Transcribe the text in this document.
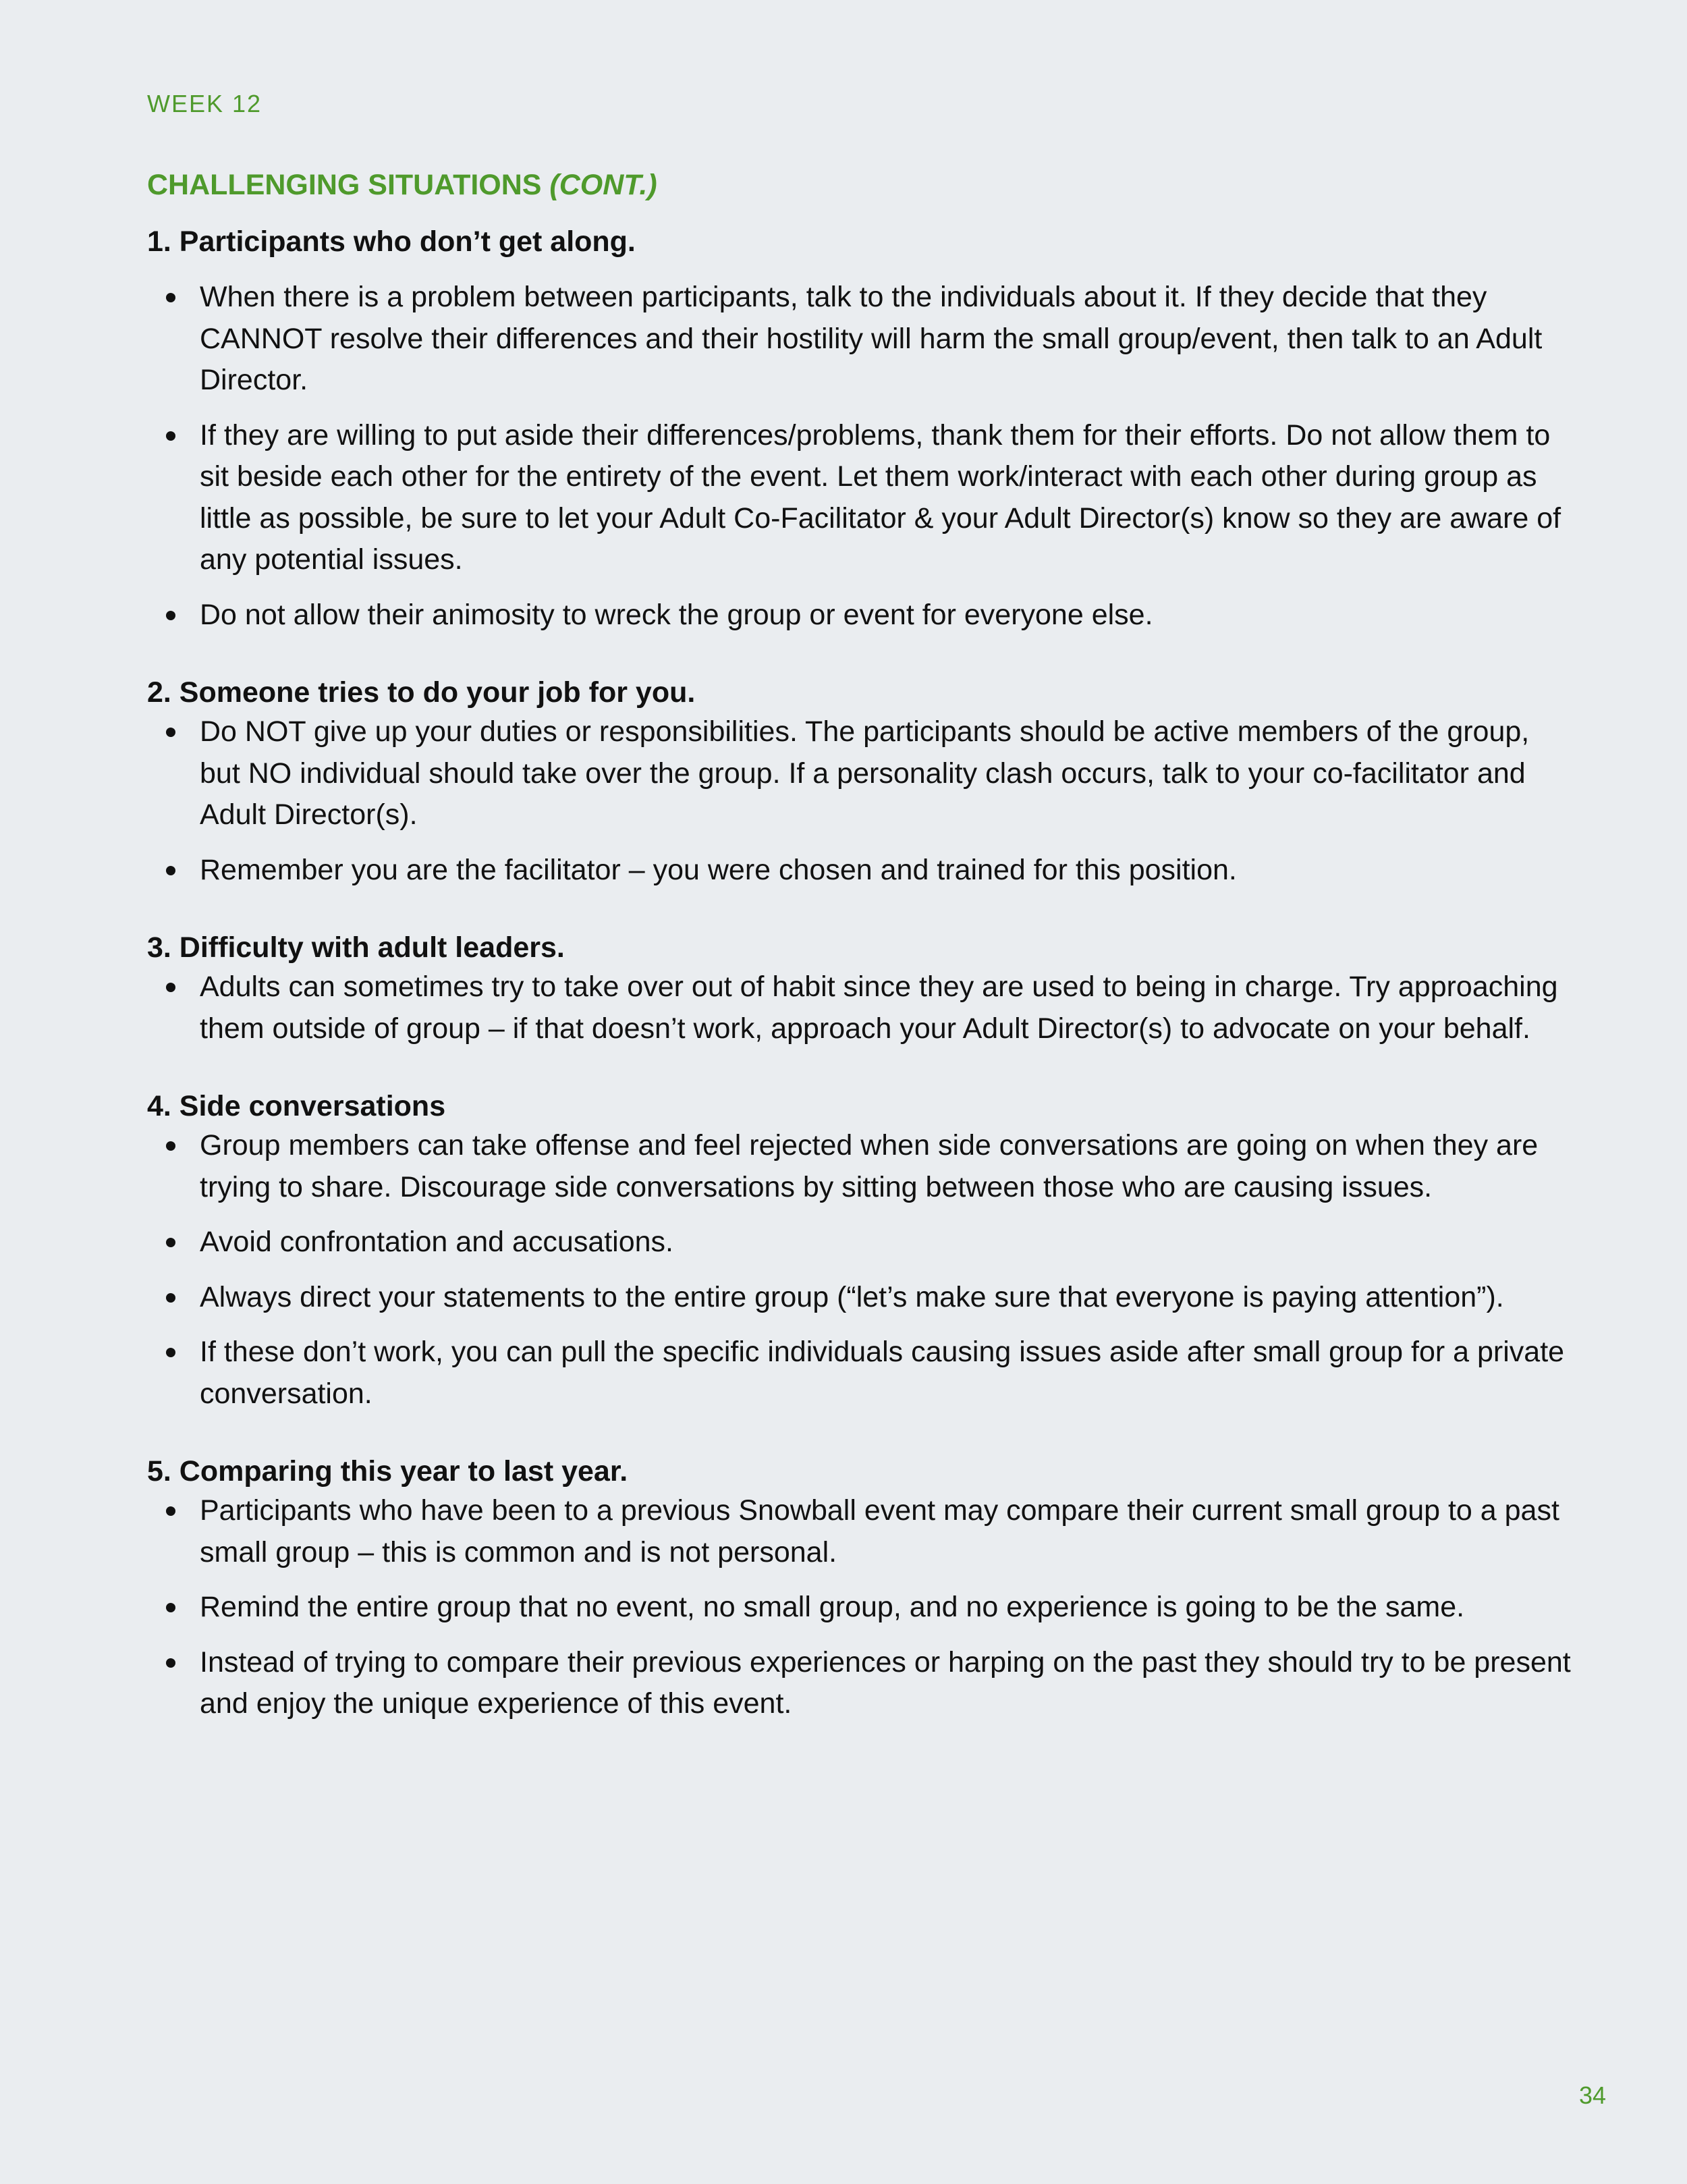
WEEK 12
CHALLENGING SITUATIONS (CONT.)

1. Participants who don’t get along.

When there is a problem between participants, talk to the individuals about it. If they decide that they CANNOT resolve their differences and their hostility will harm the small group/event, then talk to an Adult Director.
If they are willing to put aside their differences/problems, thank them for their efforts. Do not allow them to sit beside each other for the entirety of the event. Let them work/interact with each other during group as little as possible, be sure to let your Adult Co-Facilitator & your Adult Director(s) know so they are aware of any potential issues.
Do not allow their animosity to wreck the group or event for everyone else.

2. Someone tries to do your job for you.

Do NOT give up your duties or responsibilities. The participants should be active members of the group, but NO individual should take over the group. If a personality clash occurs, talk to your co-facilitator and Adult Director(s).
Remember you are the facilitator – you were chosen and trained for this position.

3. Difficulty with adult leaders.

Adults can sometimes try to take over out of habit since they are used to being in charge. Try approaching them outside of group – if that doesn’t work, approach your Adult Director(s) to advocate on your behalf.

4. Side conversations

Group members can take offense and feel rejected when side conversations are going on when they are trying to share. Discourage side conversations by sitting between those who are causing issues.
Avoid confrontation and accusations.
Always direct your statements to the entire group (“let’s make sure that everyone is paying attention”).
If these don’t work, you can pull the specific individuals causing issues aside after small group for a private conversation.

5. Comparing this year to last year.

Participants who have been to a previous Snowball event may compare their current small group to a past small group – this is common and is not personal.
Remind the entire group that no event, no small group, and no experience is going to be the same.
Instead of trying to compare their previous experiences or harping on the past they should try to be present and enjoy the unique experience of this event.
34
